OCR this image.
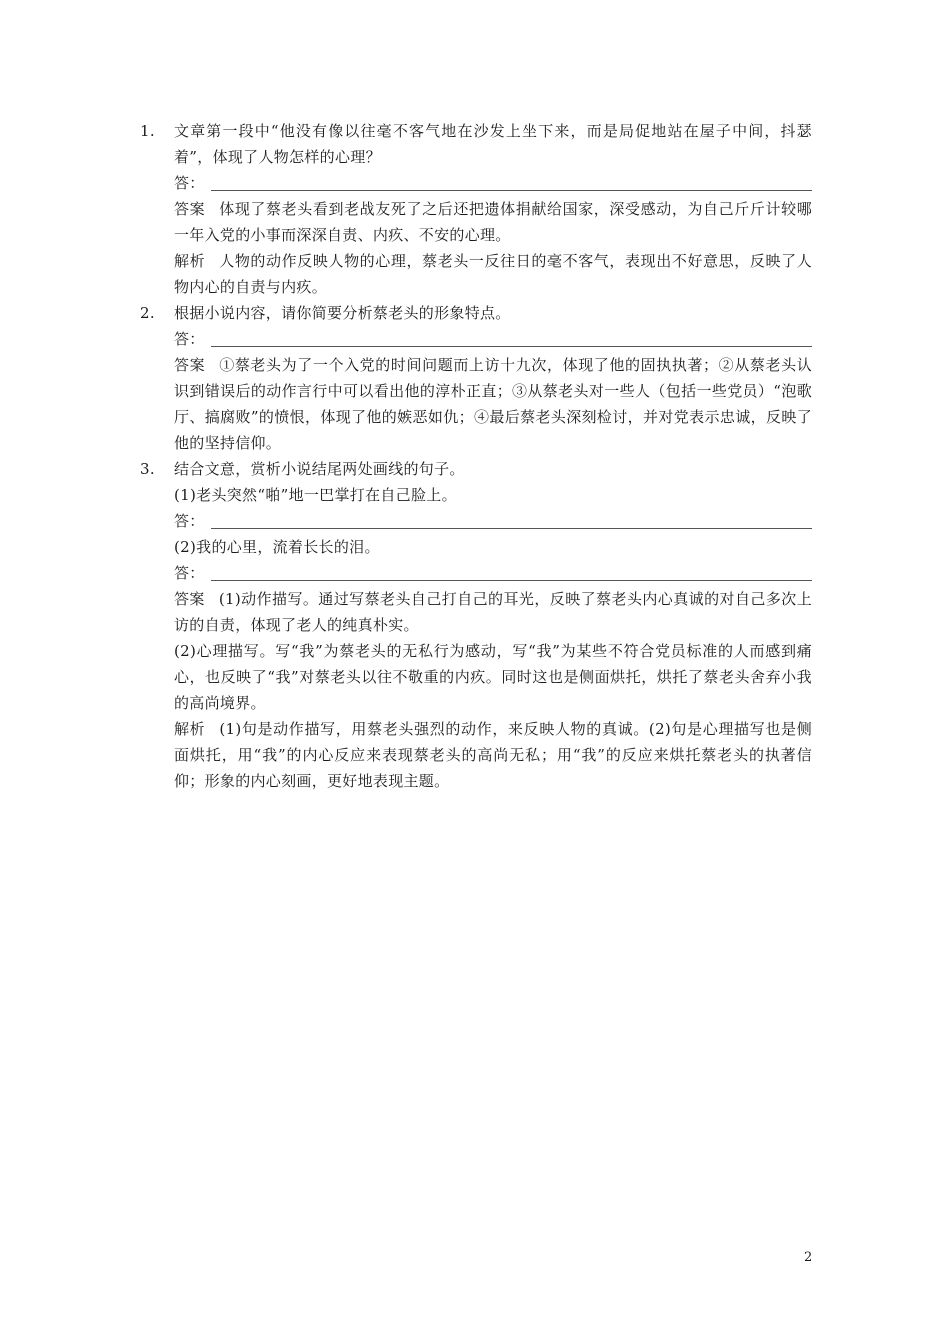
1. 文章第一段中“他没有像以往毫不客气地在沙发上坐下来，而是局促地站在屋子中间，抖瑟着”，体现了人物怎样的心理？
答：
答案 体现了蔡老头看到老战友死了之后还把遗体捐献给国家，深受感动，为自己斤斤计较哪一年入党的小事而深深自责、内疚、不安的心理。
解析 人物的动作反映人物的心理，蔡老头一反往日的毫不客气，表现出不好意思，反映了人物内心的自责与内疚。
2. 根据小说内容，请你简要分析蔡老头的形象特点。
答：
答案 ①蔡老头为了一个入党的时间问题而上访十九次，体现了他的固执执著；②从蔡老头认识到错误后的动作言行中可以看出他的淳朴正直；③从蔡老头对一些人（包括一些党员）“泡歌厅、搞腐败”的愤恨，体现了他的嫉恶如仇；④最后蔡老头深刻检讨，并对党表示忠诚，反映了他的坚持信仰。
3. 结合文意，赏析小说结尾两处画线的句子。
(1)老头突然“啪”地一巴掌打在自己脸上。
答：
(2)我的心里，流着长长的泪。
答：
答案 (1)动作描写。通过写蔡老头自己打自己的耳光，反映了蔡老头内心真诚的对自己多次上访的自责，体现了老人的纯真朴实。
(2)心理描写。写“我”为蔡老头的无私行为感动，写“我”为某些不符合党员标准的人而感到痛心，也反映了“我”对蔡老头以往不敬重的内疚。同时这也是侧面烘托，烘托了蔡老头舍弃小我的高尚境界。
解析 (1)句是动作描写，用蔡老头强烈的动作，来反映人物的真诚。(2)句是心理描写也是侧面烘托，用“我”的内心反应来表现蔡老头的高尚无私；用“我”的反应来烘托蔡老头的执著信仰；形象的内心刻画，更好地表现主题。
2
